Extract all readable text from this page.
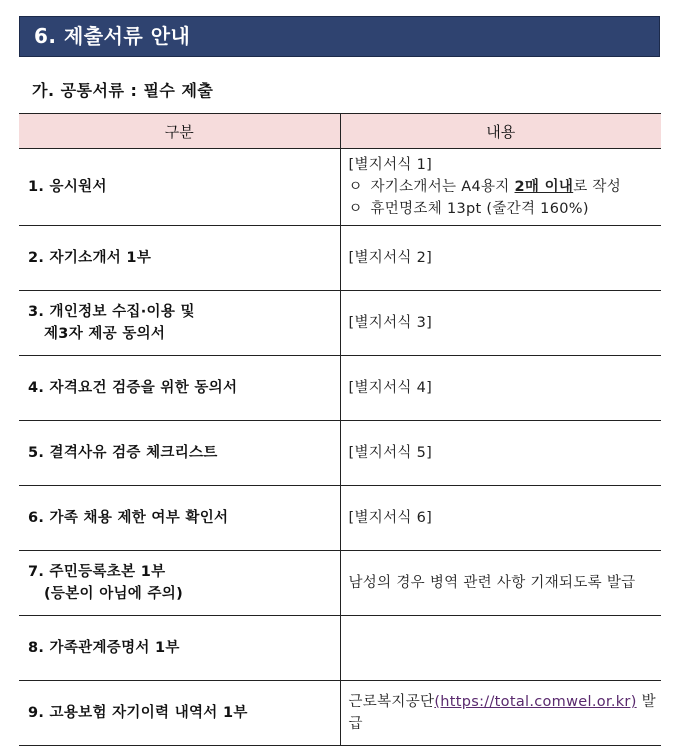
6. 제출서류 안내
가. 공통서류 : 필수 제출
구분	내용
1. 응시원서	[별지서식 1]
ㅇ 자기소개서는 A4용지 2매 이내로 작성
ㅇ 휴먼명조체 13pt (줄간격 160%)

2. 자기소개서 1부	[별지서식 2]

3. 개인정보 수집·이용 및
제3자 제공 동의서	[별지서식 3]
4. 자격요건 검증을 위한 동의서	[별지서식 4]
5. 결격사유 검증 체크리스트	[별지서식 5]
6. 가족 채용 제한 여부 확인서	[별지서식 6]

7. 주민등록초본 1부
(등본이 아님에 주의)	남성의 경우 병역 관련 사항 기재되도록 발급
8. 가족관계증명서 1부	
9. 고용보험 자기이력 내역서 1부	근로복지공단(https://total.comwel.or.kr) 발급
